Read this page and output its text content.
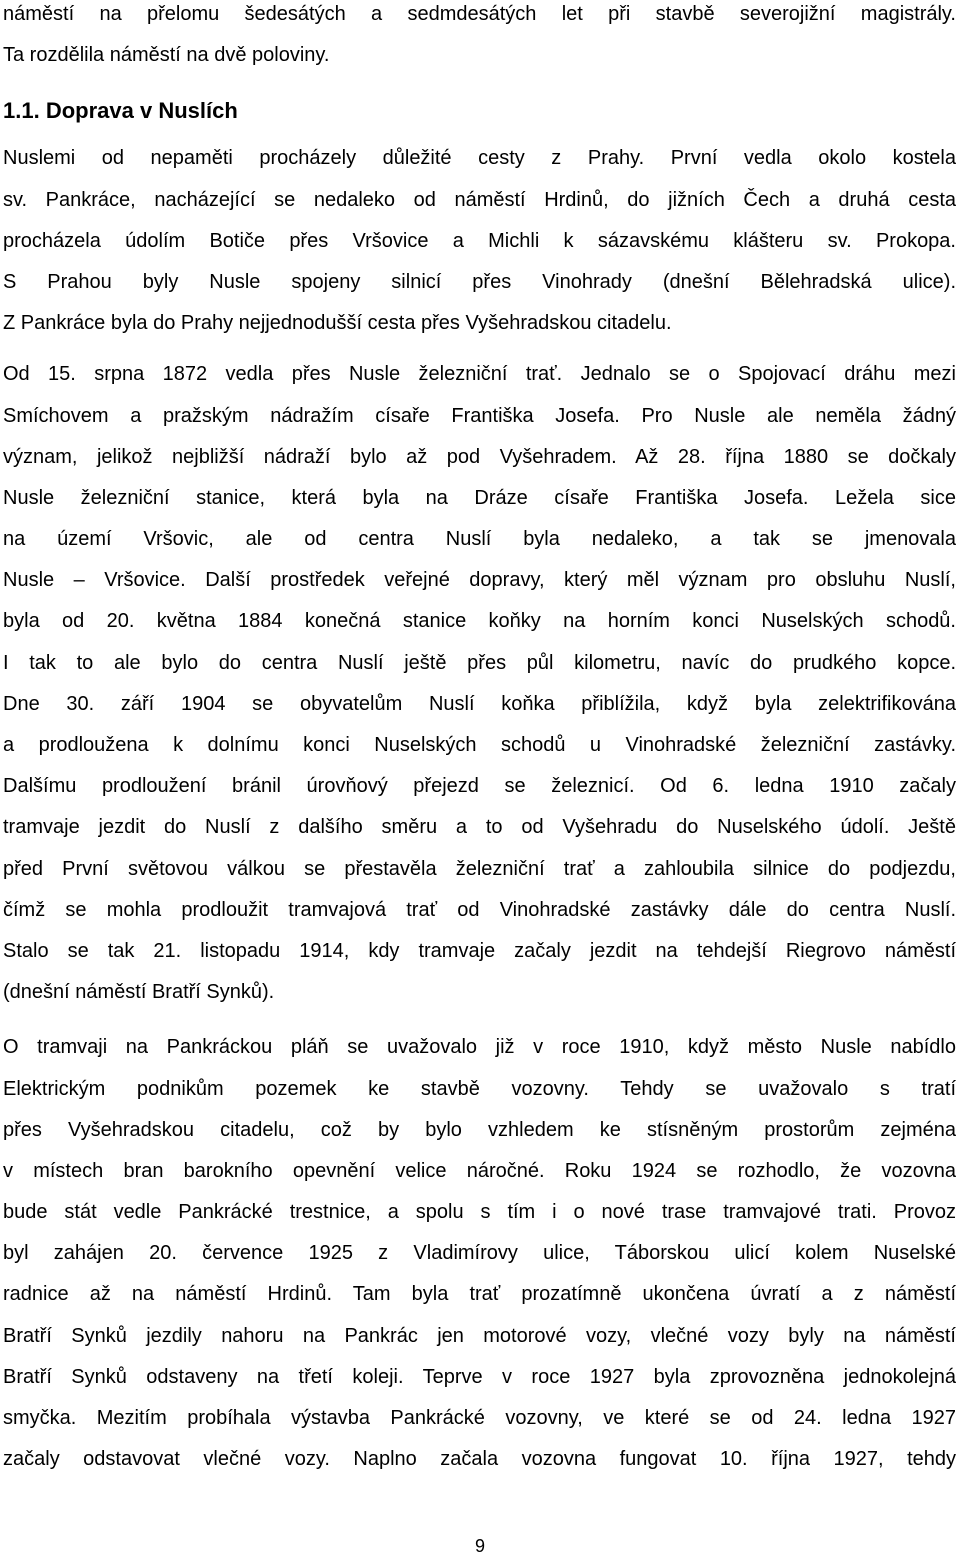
náměstí na přelomu šedesátých a sedmdesátých let při stavbě severojižní magistrály.
Ta rozdělila náměstí na dvě poloviny.
1.1. Doprava v Nuslích
Nuslemi od nepaměti procházely důležité cesty z Prahy. První vedla okolo kostela
sv. Pankráce, nacházející se nedaleko od náměstí Hrdinů, do jižních Čech a druhá cesta
procházela údolím Botiče přes Vršovice a Michli k sázavskému klášteru sv. Prokopa.
S Prahou byly Nusle spojeny silnicí přes Vinohrady (dnešní Bělehradská ulice).
Z Pankráce byla do Prahy nejjednodušší cesta přes Vyšehradskou citadelu.
Od 15. srpna 1872 vedla přes Nusle železniční trať. Jednalo se o Spojovací dráhu mezi
Smíchovem a pražským nádražím císaře Františka Josefa. Pro Nusle ale neměla žádný
význam, jelikož nejbližší nádraží bylo až pod Vyšehradem. Až 28. října 1880 se dočkaly
Nusle železniční stanice, která byla na Dráze císaře Františka Josefa. Ležela sice
na území Vršovic, ale od centra Nuslí byla nedaleko, a tak se jmenovala
Nusle – Vršovice. Další prostředek veřejné dopravy, který měl význam pro obsluhu Nuslí,
byla od 20. května 1884 konečná stanice koňky na horním konci Nuselských schodů.
I tak to ale bylo do centra Nuslí ještě přes půl kilometru, navíc do prudkého kopce.
Dne 30. září 1904 se obyvatelům Nuslí koňka přiblížila, když byla zelektrifikována
a prodloužena k dolnímu konci Nuselských schodů u Vinohradské železniční zastávky.
Dalšímu prodloužení bránil úrovňový přejezd se železnicí. Od 6. ledna 1910 začaly
tramvaje jezdit do Nuslí z dalšího směru a to od Vyšehradu do Nuselského údolí. Ještě
před První světovou válkou se přestavěla železniční trať a zahloubila silnice do podjezdu,
čímž se mohla prodloužit tramvajová trať od Vinohradské zastávky dále do centra Nuslí.
Stalo se tak 21. listopadu 1914, kdy tramvaje začaly jezdit na tehdejší Riegrovo náměstí
(dnešní náměstí Bratří Synků).
O tramvaji na Pankráckou pláň se uvažovalo již v roce 1910, když město Nusle nabídlo
Elektrickým podnikům pozemek ke stavbě vozovny. Tehdy se uvažovalo s tratí
přes Vyšehradskou citadelu, což by bylo vzhledem ke stísněným prostorům zejména
v místech bran barokního opevnění velice náročné. Roku 1924 se rozhodlo, že vozovna
bude stát vedle Pankrácké trestnice, a spolu s tím i o nové trase tramvajové trati. Provoz
byl zahájen 20. července 1925 z Vladimírovy ulice, Táborskou ulicí kolem Nuselské
radnice až na náměstí Hrdinů. Tam byla trať prozatímně ukončena úvratí a z náměstí
Bratří Synků jezdily nahoru na Pankrác jen motorové vozy, vlečné vozy byly na náměstí
Bratří Synků odstaveny na třetí koleji. Teprve v roce 1927 byla zprovozněna jednokolejná
smyčka. Mezitím probíhala výstavba Pankrácké vozovny, ve které se od 24. ledna 1927
začaly odstavovat vlečné vozy. Naplno začala vozovna fungovat 10. října 1927, tehdy
9
